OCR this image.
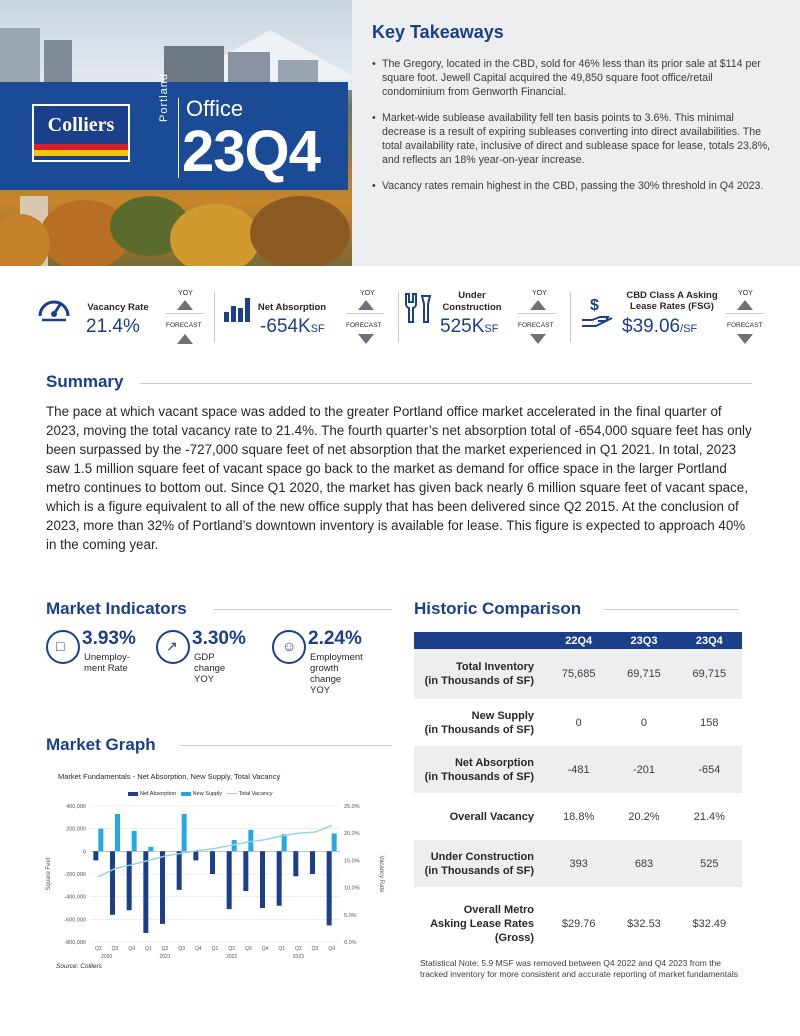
Colliers
Portland Office
23Q4
Key Takeaways
• The Gregory, located in the CBD, sold for 46% less than its prior sale at $114 per square foot. Jewell Capital acquired the 49,850 square foot office/retail condominium from Genworth Financial.
• Market-wide sublease availability fell ten basis points to 3.6%. This minimal decrease is a result of expiring subleases converting into direct availabilities. The total availability rate, inclusive of direct and sublease space for lease, totals 23.8%, and reflects an 18% year-on-year increase.
• Vacancy rates remain highest in the CBD, passing the 30% threshold in Q4 2023.
Vacancy Rate
21.4%
YOY
FORECAST
Net Absorption
-654KSF
YOY
FORECAST
Under
Construction
525KSF
YOY
FORECAST
$
CBD Class A Asking
Lease Rates (FSG)
$39.06/SF
YOY
FORECAST
Summary
The pace at which vacant space was added to the greater Portland office market accelerated in the final quarter of 2023, moving the total vacancy rate to 21.4%. The fourth quarter’s net absorption total of -654,000 square feet has only been surpassed by the -727,000 square feet of net absorption that the market experienced in Q1 2021. In total, 2023 saw 1.5 million square feet of vacant space go back to the market as demand for office space in the larger Portland metro continues to bottom out. Since Q1 2020, the market has given back nearly 6 million square feet of vacant space, which is a figure equivalent to all of the new office supply that has been delivered since Q2 2015. At the conclusion of 2023, more than 32% of Portland’s downtown inventory is available for lease. This figure is expected to approach 40% in the coming year.
Market Indicators
□ 3.93%
Unemploy-
ment Rate
↗ 3.30%
GDP change
YOY
☺ 2.24%
Employment
growth change
YOY
Market Graph
Market Fundamentals - Net Absorption, New Supply, Total Vacancy
Net Absorption	New Supply	Total Vacancy
400,000
200,000
0
-200,000
-400,000
-600,000
-800,000
25.0%
20.0%
15.0%
10.0%
5.0%
0.0%
Square Feet	Vacancy Rate
Q2 Q3 Q4 Q1 Q2 Q3 Q4 Q1 Q2 Q3 Q4 Q1 Q2 Q3 Q4
2020	2021	2022	2023
Source: Colliers
Historic Comparison
	22Q4	23Q3	23Q4

Total Inventory
(in Thousands of SF)	75,685	69,715	69,715

New Supply
(in Thousands of SF)	0	0	158

Net Absorption
(in Thousands of SF)	-481	-201	-654

Overall Vacancy	18.8%	20.2%	21.4%

Under Construction
(in Thousands of SF)	393	683	525

Overall Metro
Asking Lease Rates
(Gross)	$29.76	$32.53	$32.49
Statistical Note: 5.9 MSF was removed between Q4 2022 and Q4 2023 from the tracked inventory for more consistent and accurate reporting of market fundamentals
